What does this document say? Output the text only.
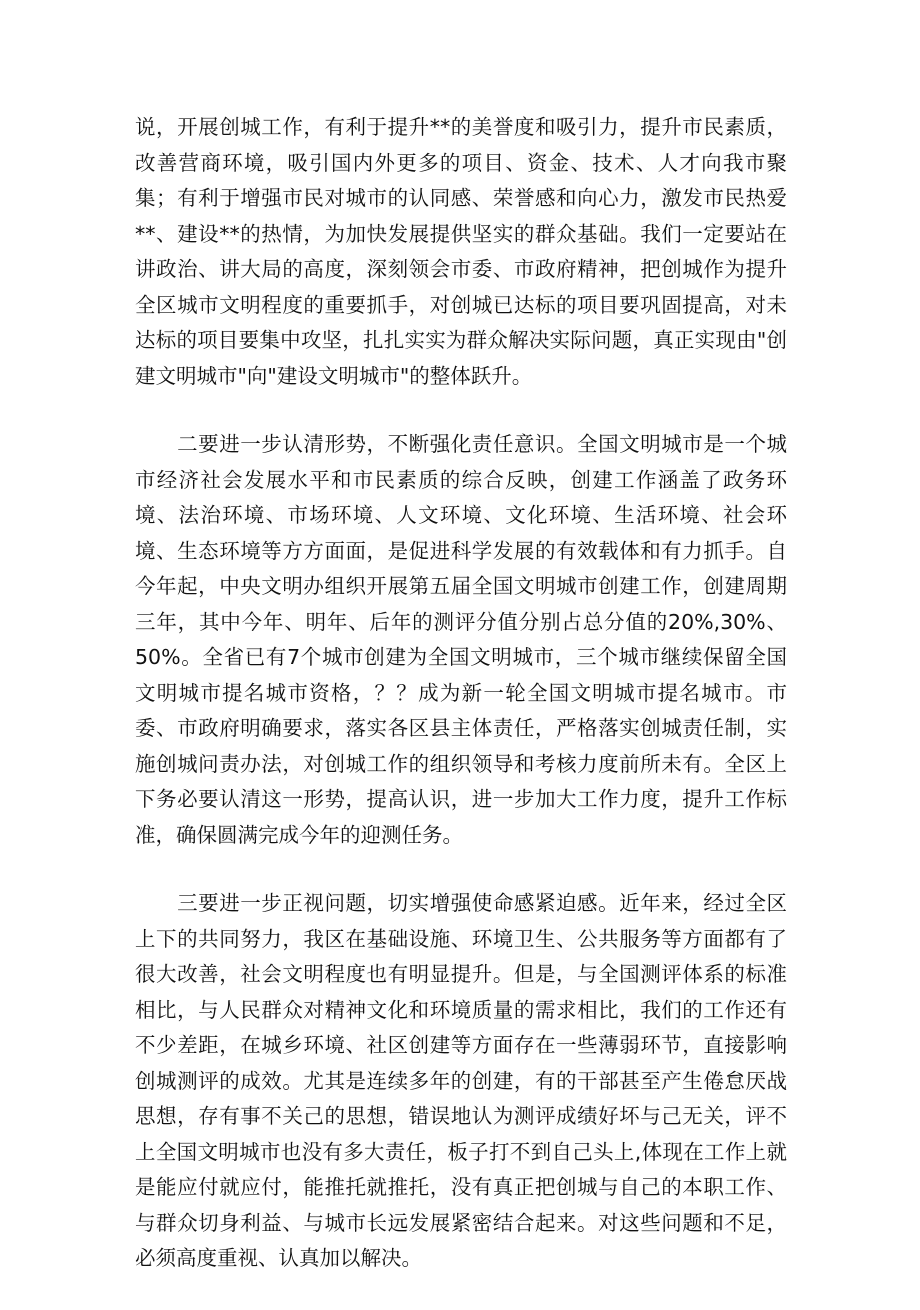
说，开展创城工作，有利于提升**的美誉度和吸引力，提升市民素质，改善营商环境，吸引国内外更多的项目、资金、技术、人才向我市聚集；有利于增强市民对城市的认同感、荣誉感和向心力，激发市民热爱**、建设**的热情，为加快发展提供坚实的群众基础。我们一定要站在讲政治、讲大局的高度，深刻领会市委、市政府精神，把创城作为提升全区城市文明程度的重要抓手，对创城已达标的项目要巩固提高，对未达标的项目要集中攻坚，扎扎实实为群众解决实际问题，真正实现由"创建文明城市"向"建设文明城市"的整体跃升。

　　二要进一步认清形势，不断强化责任意识。全国文明城市是一个城市经济社会发展水平和市民素质的综合反映，创建工作涵盖了政务环境、法治环境、市场环境、人文环境、文化环境、生活环境、社会环境、生态环境等方方面面，是促进科学发展的有效载体和有力抓手。自今年起，中央文明办组织开展第五届全国文明城市创建工作，创建周期三年，其中今年、明年、后年的测评分值分别占总分值的20%,30%、50%。全省已有7个城市创建为全国文明城市，三个城市继续保留全国文明城市提名城市资格，？？成为新一轮全国文明城市提名城市。市委、市政府明确要求，落实各区县主体责任，严格落实创城责任制，实施创城问责办法，对创城工作的组织领导和考核力度前所未有。全区上下务必要认清这一形势，提高认识，进一步加大工作力度，提升工作标准，确保圆满完成今年的迎测任务。

　　三要进一步正视问题，切实增强使命感紧迫感。近年来，经过全区上下的共同努力，我区在基础设施、环境卫生、公共服务等方面都有了很大改善，社会文明程度也有明显提升。但是，与全国测评体系的标准相比，与人民群众对精神文化和环境质量的需求相比，我们的工作还有不少差距，在城乡环境、社区创建等方面存在一些薄弱环节，直接影响创城测评的成效。尤其是连续多年的创建，有的干部甚至产生倦怠厌战思想，存有事不关己的思想，错误地认为测评成绩好坏与己无关，评不上全国文明城市也没有多大责任，板子打不到自己头上,体现在工作上就是能应付就应付，能推托就推托，没有真正把创城与自己的本职工作、与群众切身利益、与城市长远发展紧密结合起来。对这些问题和不足，必须高度重视、认真加以解决。
